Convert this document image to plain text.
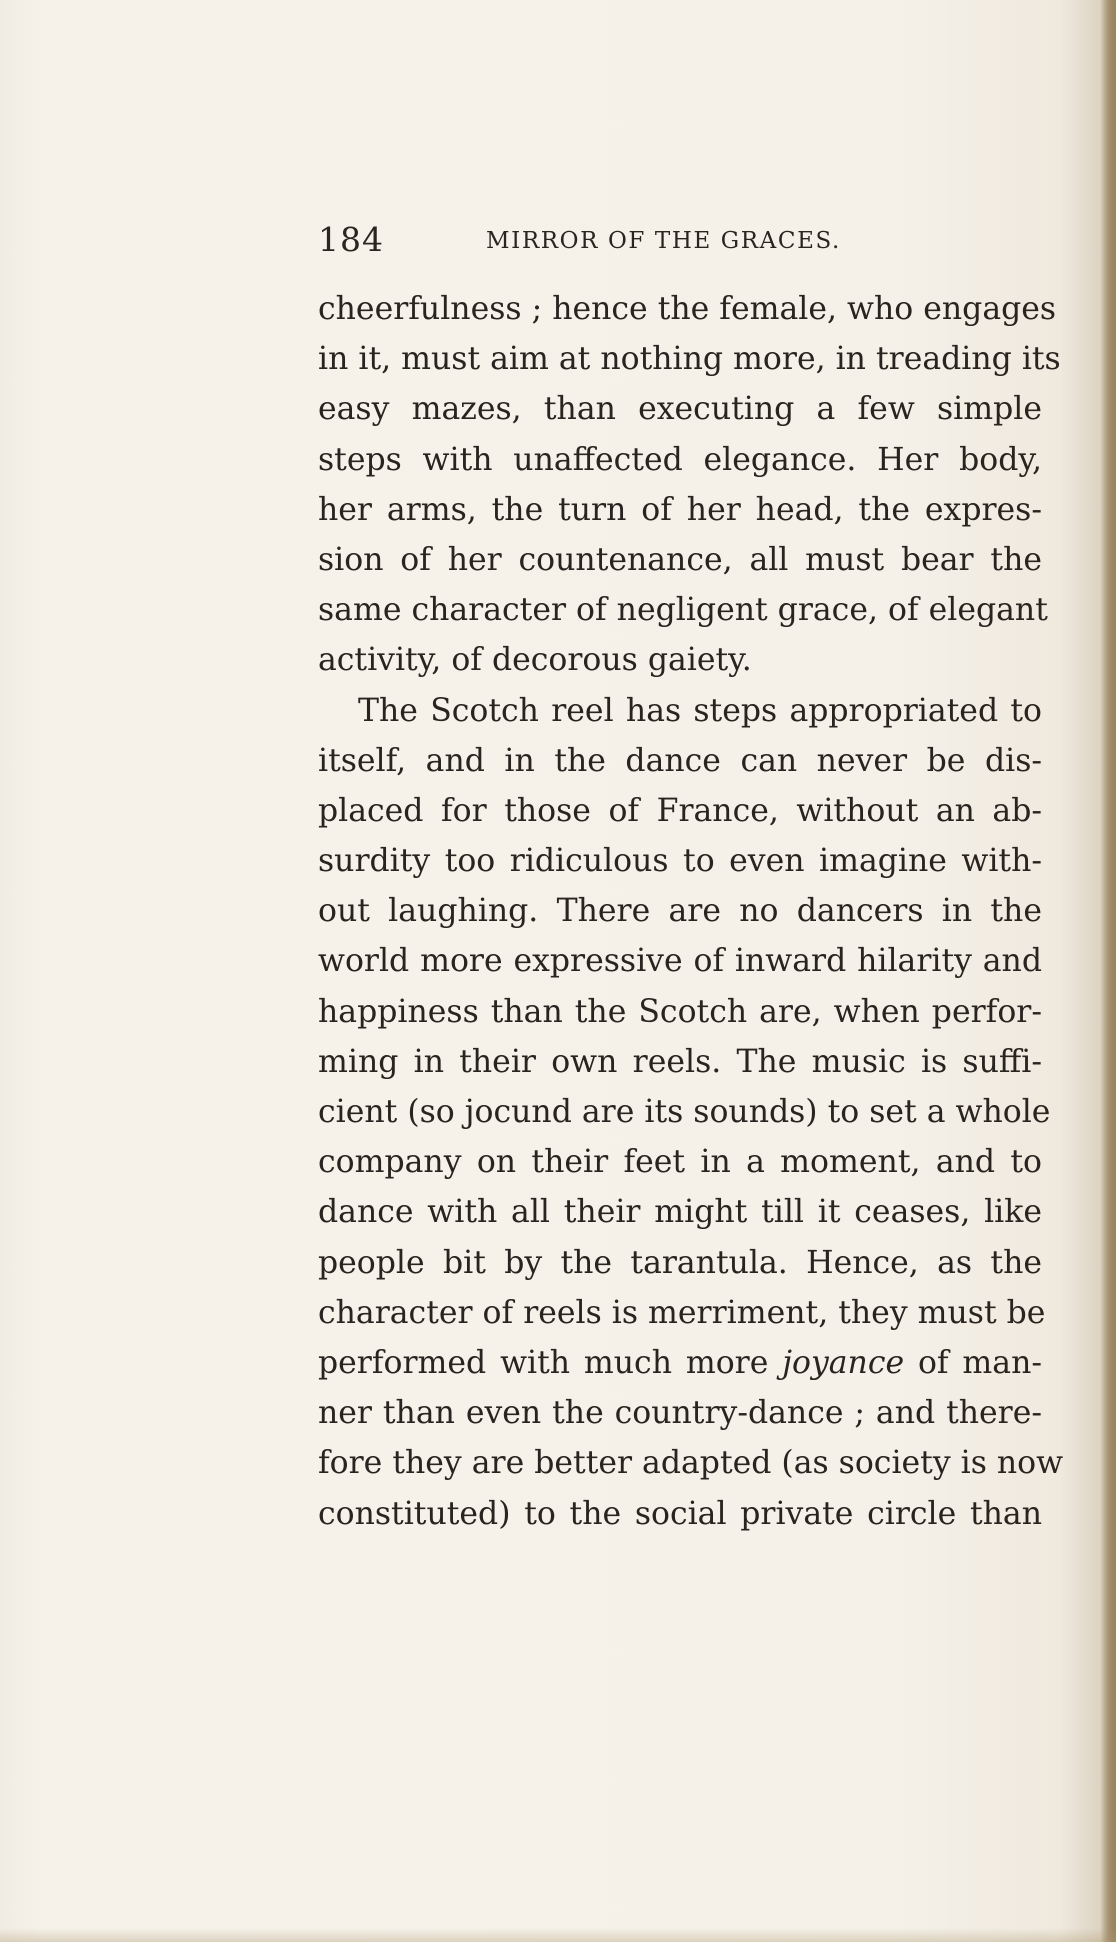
184	MIRROR OF THE GRACES.
cheerfulness ; hence the female, who engages
in it, must aim at nothing more, in treading its
easy mazes, than executing a few simple
steps with unaffected elegance. Her body,
her arms, the turn of her head, the expres-
sion of her countenance, all must bear the
same character of negligent grace, of elegant
activity, of decorous gaiety.
The Scotch reel has steps appropriated to
itself, and in the dance can never be dis-
placed for those of France, without an ab-
surdity too ridiculous to even imagine with-
out laughing. There are no dancers in the
world more expressive of inward hilarity and
happiness than the Scotch are, when perfor-
ming in their own reels. The music is suffi-
cient (so jocund are its sounds) to set a whole
company on their feet in a moment, and to
dance with all their might till it ceases, like
people bit by the tarantula. Hence, as the
character of reels is merriment, they must be
performed with much more joyance of man-
ner than even the country-dance ; and there-
fore they are better adapted (as society is now
constituted) to the social private circle than
